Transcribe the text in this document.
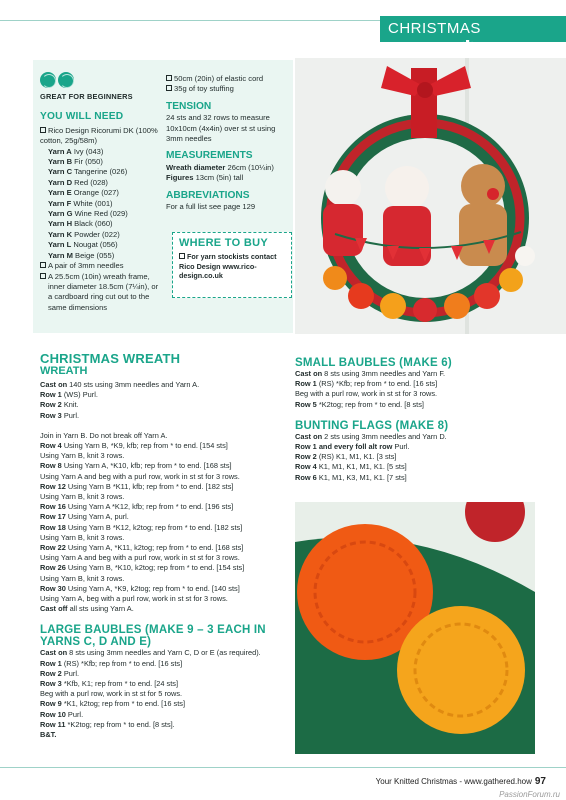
CHRISTMAS WREATH ✱
GREAT FOR BEGINNERS
YOU WILL NEED
Rico Design Ricorumi DK (100% cotton, 25g/58m)
Yarn A Ivy (043)
Yarn B Fir (050)
Yarn C Tangerine (026)
Yarn D Red (028)
Yarn E Orange (027)
Yarn F White (001)
Yarn G Wine Red (029)
Yarn H Black (060)
Yarn K Powder (022)
Yarn L Nougat (056)
Yarn M Beige (055)
A pair of 3mm needles
A 25.5cm (10in) wreath frame, inner diameter 18.5cm (7¼in), or a cardboard ring cut out to the same dimensions
50cm (20in) of elastic cord
35g of toy stuffing
TENSION
24 sts and 32 rows to measure 10x10cm (4x4in) over st st using 3mm needles
MEASUREMENTS
Wreath diameter 26cm (10¼in)
Figures 13cm (5in) tall
ABBREVIATIONS
For a full list see page 129
WHERE TO BUY
For yarn stockists contact Rico Design www.rico-design.co.uk
CHRISTMAS WREATH
WREATH
Cast on 140 sts using 3mm needles and Yarn A.
Row 1 (WS) Purl.
Row 2 Knit.
Row 3 Purl.
Join in Yarn B. Do not break off Yarn A.
Row 4 Using Yarn B, *K9, kfb; rep from * to end. [154 sts]
Using Yarn B, knit 3 rows.
Row 8 Using Yarn A, *K10, kfb; rep from * to end. [168 sts]
Using Yarn A and beg with a purl row, work in st st for 3 rows.
Row 12 Using Yarn B *K11, kfb; rep from * to end. [182 sts]
Using Yarn B, knit 3 rows.
Row 16 Using Yarn A *K12, kfb; rep from * to end. [196 sts]
Row 17 Using Yarn A, purl.
Row 18 Using Yarn B *K12, k2tog; rep from * to end. [182 sts]
Using Yarn B, knit 3 rows.
Row 22 Using Yarn A, *K11, k2tog; rep from * to end. [168 sts]
Using Yarn A and beg with a purl row, work in st st for 3 rows.
Row 26 Using Yarn B, *K10, k2tog; rep from * to end. [154 sts]
Using Yarn B, knit 3 rows.
Row 30 Using Yarn A, *K9, k2tog; rep from * to end. [140 sts]
Using Yarn A, beg with a purl row, work in st st for 3 rows.
Cast off all sts using Yarn A.
LARGE BAUBLES (MAKE 9 – 3 EACH IN YARNS C, D AND E)
Cast on 8 sts using 3mm needles and Yarn C, D or E (as required).
Row 1 (RS) *Kfb; rep from * to end. [16 sts]
Row 2 Purl.
Row 3 *Kfb, K1; rep from * to end. [24 sts]
Beg with a purl row, work in st st for 5 rows.
Row 9 *K1, k2tog; rep from * to end. [16 sts]
Row 10 Purl.
Row 11 *K2tog; rep from * to end. [8 sts].
B&T.
SMALL BAUBLES (MAKE 6)
Cast on 8 sts using 3mm needles and Yarn F.
Row 1 (RS) *Kfb; rep from * to end. [16 sts]
Beg with a purl row, work in st st for 3 rows.
Row 5 *K2tog; rep from * to end. [8 sts]
BUNTING FLAGS (MAKE 8)
Cast on 2 sts using 3mm needles and Yarn D.
Row 1 and every foll alt row Purl.
Row 2 (RS) K1, M1, K1. [3 sts]
Row 4 K1, M1, K1, M1, K1. [5 sts]
Row 6 K1, M1, K3, M1, K1. [7 sts]
Your Knitted Christmas - www.gathered.how 97
PassionForum.ru
